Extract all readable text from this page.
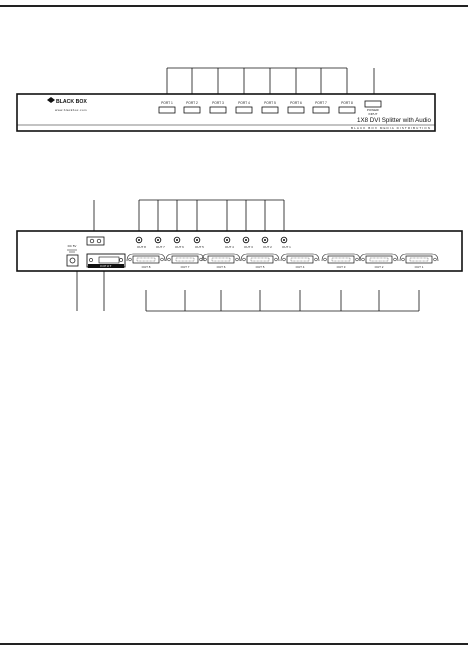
BLACK BOX
www.blackbox.com
PORT 1	PORT 2	PORT 3	PORT 4	PORT 5	PORT 6	PORT 7	PORT 8
POWER/
INPUT
1X8 DVI Splitter with Audio
BLACK BOX MEDIA DISTRIBUTION
DC 5V	OUT 8	OUT 7	OUT 6	OUT 5	OUT 4	OUT 3	OUT 2	OUT 1
INPUT	OUT 8	OUT 7	OUT 6	OUT 5	OUT 4	OUT 3	OUT 2	OUT 1
